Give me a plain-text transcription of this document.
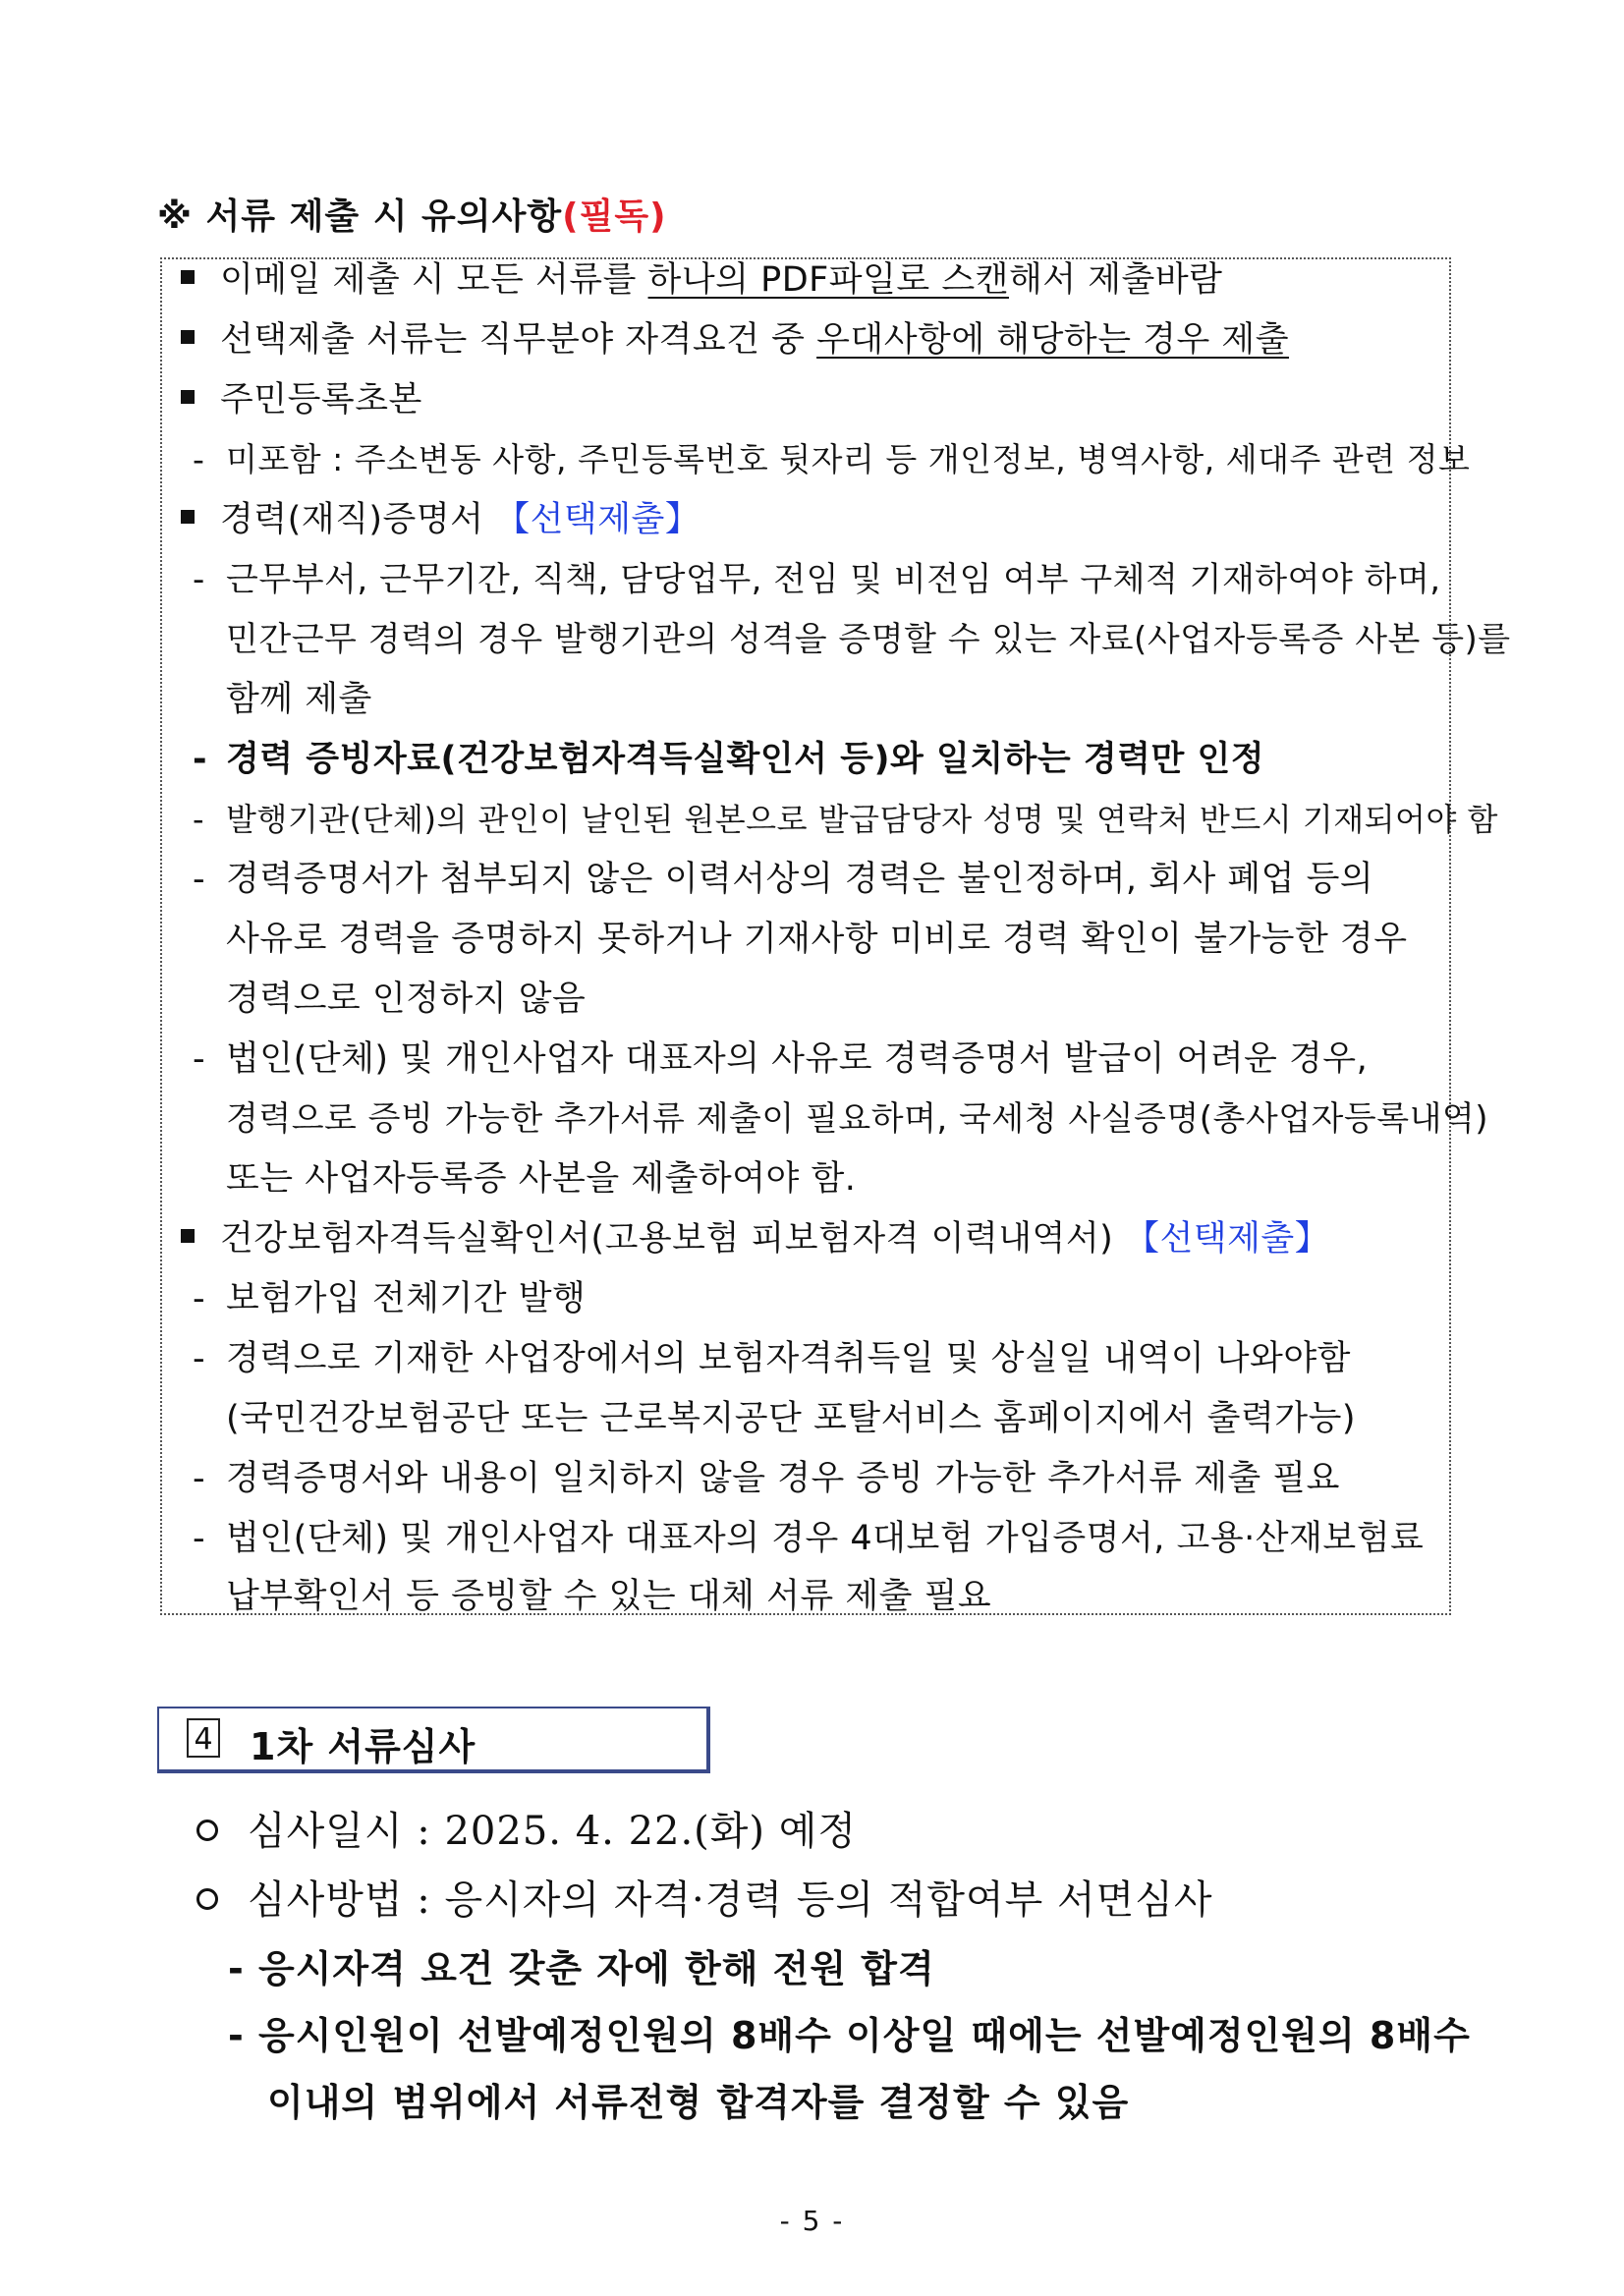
※ 서류 제출 시 유의사항(필독)
이메일 제출 시 모든 서류를 하나의 PDF파일로 스캔해서 제출바람
선택제출 서류는 직무분야 자격요건 중 우대사항에 해당하는 경우 제출
주민등록초본
- 미포함 : 주소변동 사항, 주민등록번호 뒷자리 등 개인정보, 병역사항, 세대주 관련 정보
경력(재직)증명서 【선택제출】
- 근무부서, 근무기간, 직책, 담당업무, 전임 및 비전임 여부 구체적 기재하여야 하며,
민간근무 경력의 경우 발행기관의 성격을 증명할 수 있는 자료(사업자등록증 사본 등)를
함께 제출
- 경력 증빙자료(건강보험자격득실확인서 등)와 일치하는 경력만 인정
- 발행기관(단체)의 관인이 날인된 원본으로 발급담당자 성명 및 연락처 반드시 기재되어야 함
- 경력증명서가 첨부되지 않은 이력서상의 경력은 불인정하며, 회사 폐업 등의
사유로 경력을 증명하지 못하거나 기재사항 미비로 경력 확인이 불가능한 경우
경력으로 인정하지 않음
- 법인(단체) 및 개인사업자 대표자의 사유로 경력증명서 발급이 어려운 경우,
경력으로 증빙 가능한 추가서류 제출이 필요하며, 국세청 사실증명(총사업자등록내역)
또는 사업자등록증 사본을 제출하여야 함.
건강보험자격득실확인서(고용보험 피보험자격 이력내역서) 【선택제출】
- 보험가입 전체기간 발행
- 경력으로 기재한 사업장에서의 보험자격취득일 및 상실일 내역이 나와야함
(국민건강보험공단 또는 근로복지공단 포탈서비스 홈페이지에서 출력가능)
- 경력증명서와 내용이 일치하지 않을 경우 증빙 가능한 추가서류 제출 필요
- 법인(단체) 및 개인사업자 대표자의 경우 4대보험 가입증명서, 고용·산재보험료
납부확인서 등 증빙할 수 있는 대체 서류 제출 필요
4 1차 서류심사
심사일시 : 2025. 4. 22.(화) 예정
심사방법 : 응시자의 자격·경력 등의 적합여부 서면심사
- 응시자격 요건 갖춘 자에 한해 전원 합격
- 응시인원이 선발예정인원의 8배수 이상일 때에는 선발예정인원의 8배수
이내의 범위에서 서류전형 합격자를 결정할 수 있음
- 5 -
